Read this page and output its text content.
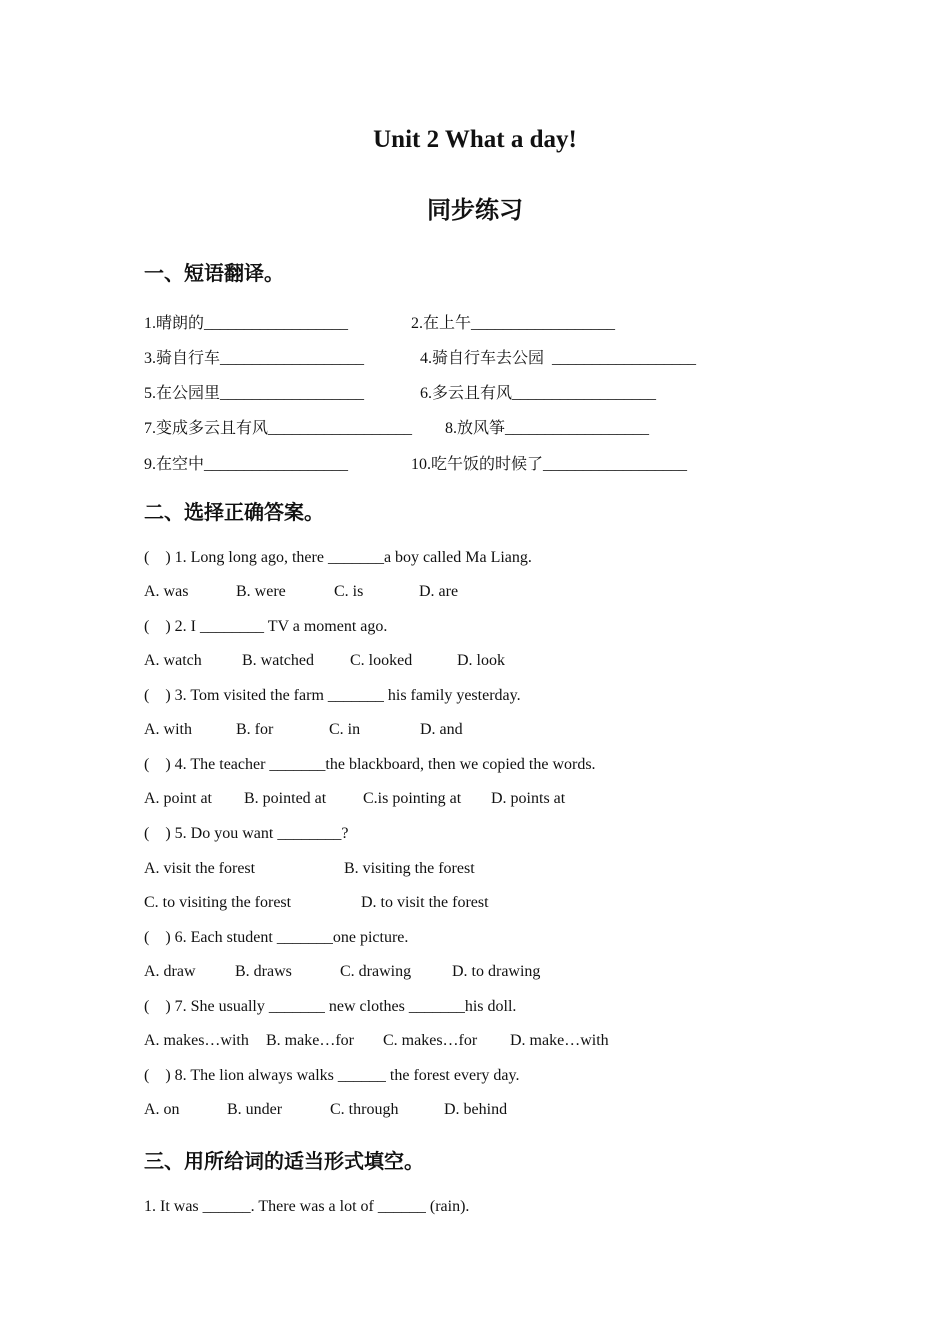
Unit 2 What a day!
同步练习
一、短语翻译。
1.晴朗的__________________	2.在上午__________________
3.骑自行车__________________	4.骑自行车去公园  __________________
5.在公园里__________________	6.多云且有风__________________
7.变成多云且有风__________________ 8.放风筝__________________
9.在空中__________________	10.吃午饭的时候了__________________
二、选择正确答案。
(    ) 1. Long long ago, there _______a boy called Ma Liang.
A. was	B. were	C. is	D. are
(    ) 2. I ________ TV a moment ago.
A. watch	B. watched C. looked	D. look
(    ) 3. Tom visited the farm _______ his family yesterday.
A. with	B. for	C. in	D. and
(    ) 4. The teacher _______the blackboard, then we copied the words.
A. point at B. pointed at C.is pointing at D. points at
(    ) 5. Do you want ________?
A. visit the forest	B. visiting the forest
C. to visiting the forest	D. to visit the forest
(    ) 6. Each student _______one picture.
A. draw B. draws	C. drawing	D. to drawing
(    ) 7. She usually _______ new clothes _______his doll.
A. makes…with B. make…for C. makes…for D. make…with
(    ) 8. The lion always walks ______ the forest every day.
A. on	B. under	C. through	D. behind
三、用所给词的适当形式填空。
1. It was ______. There was a lot of ______ (rain).
